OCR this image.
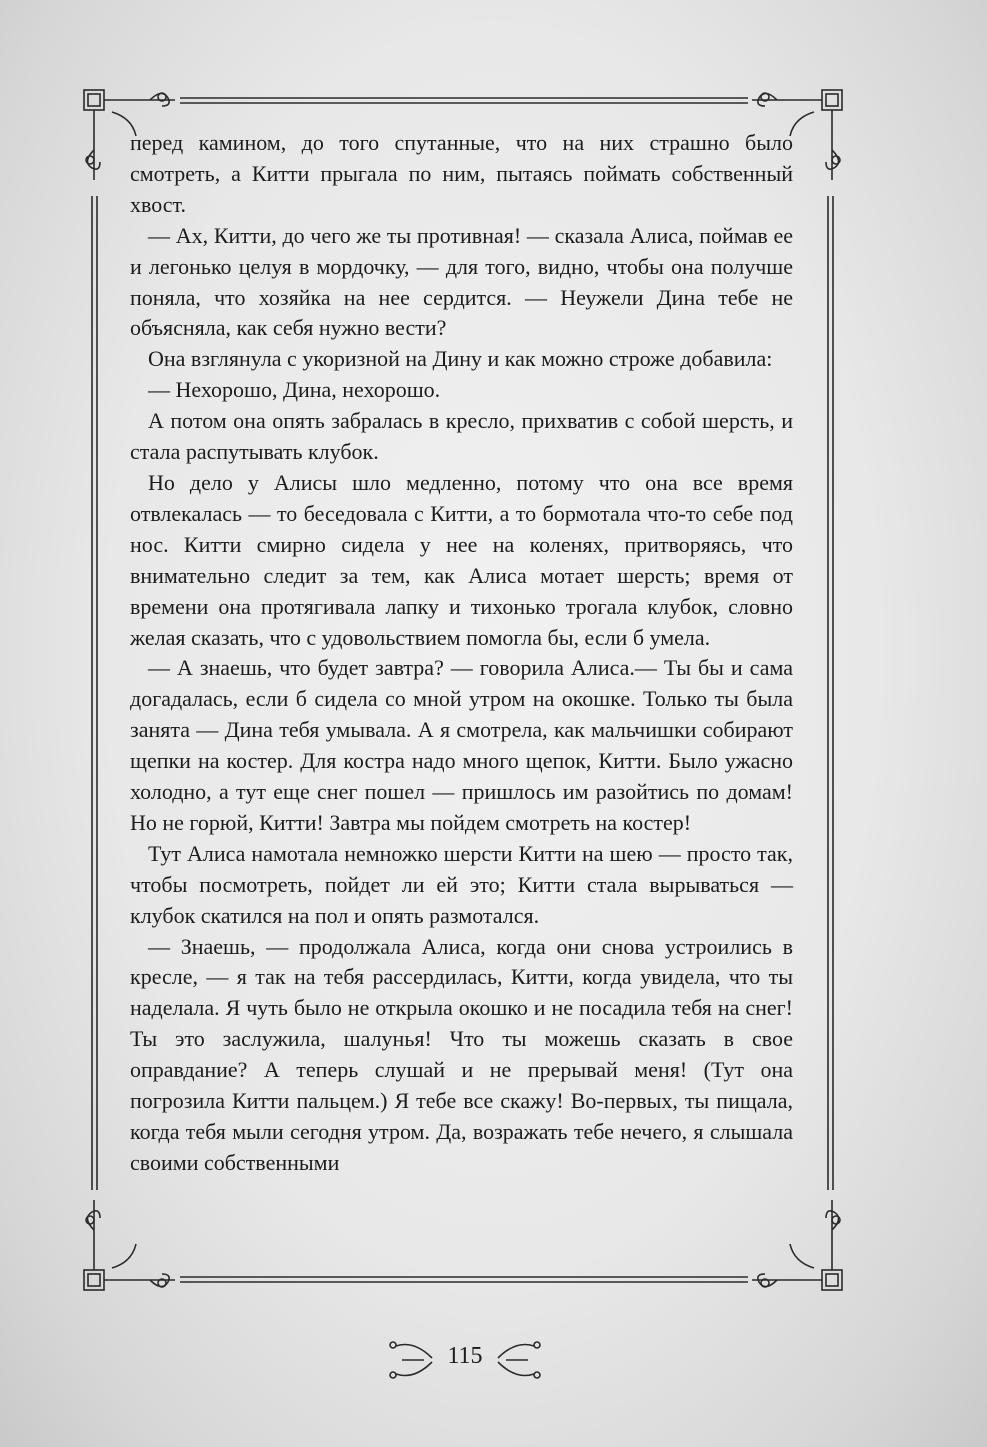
перед камином, до того спутанные, что на них страшно было смотреть, а Китти прыгала по ним, пытаясь поймать собственный хвост.

— Ах, Китти, до чего же ты противная! — сказала Алиса, поймав ее и легонько целуя в мордочку, — для того, видно, чтобы она получше поняла, что хозяйка на нее сердится. — Неужели Дина тебе не объясняла, как себя нужно вести?

Она взглянула с укоризной на Дину и как можно строже добавила:

— Нехорошо, Дина, нехорошо.

А потом она опять забралась в кресло, прихватив с собой шерсть, и стала распутывать клубок.

Но дело у Алисы шло медленно, потому что она все время отвлекалась — то беседовала с Китти, а то бормотала что-то себе под нос. Китти смирно сидела у нее на коленях, притворяясь, что внимательно следит за тем, как Алиса мотает шерсть; время от времени она протягивала лапку и тихонько трогала клубок, словно желая сказать, что с удовольствием помогла бы, если б умела.

— А знаешь, что будет завтра? — говорила Алиса.— Ты бы и сама догадалась, если б сидела со мной утром на окошке. Только ты была занята — Дина тебя умывала. А я смотрела, как мальчишки собирают щепки на костер. Для костра надо много щепок, Китти. Было ужасно холодно, а тут еще снег пошел — пришлось им разойтись по домам! Но не горюй, Китти! Завтра мы пойдем смотреть на костер!

Тут Алиса намотала немножко шерсти Китти на шею — просто так, чтобы посмотреть, пойдет ли ей это; Китти стала вырываться — клубок скатился на пол и опять размотался.

— Знаешь, — продолжала Алиса, когда они снова устроились в кресле, — я так на тебя рассердилась, Китти, когда увидела, что ты наделала. Я чуть было не открыла окошко и не посадила тебя на снег! Ты это заслужила, шалунья! Что ты можешь сказать в свое оправдание? А теперь слушай и не прерывай меня! (Тут она погрозила Китти пальцем.) Я тебе все скажу! Во-первых, ты пищала, когда тебя мыли сегодня утром. Да, возражать тебе нечего, я слышала своими собственными

115
